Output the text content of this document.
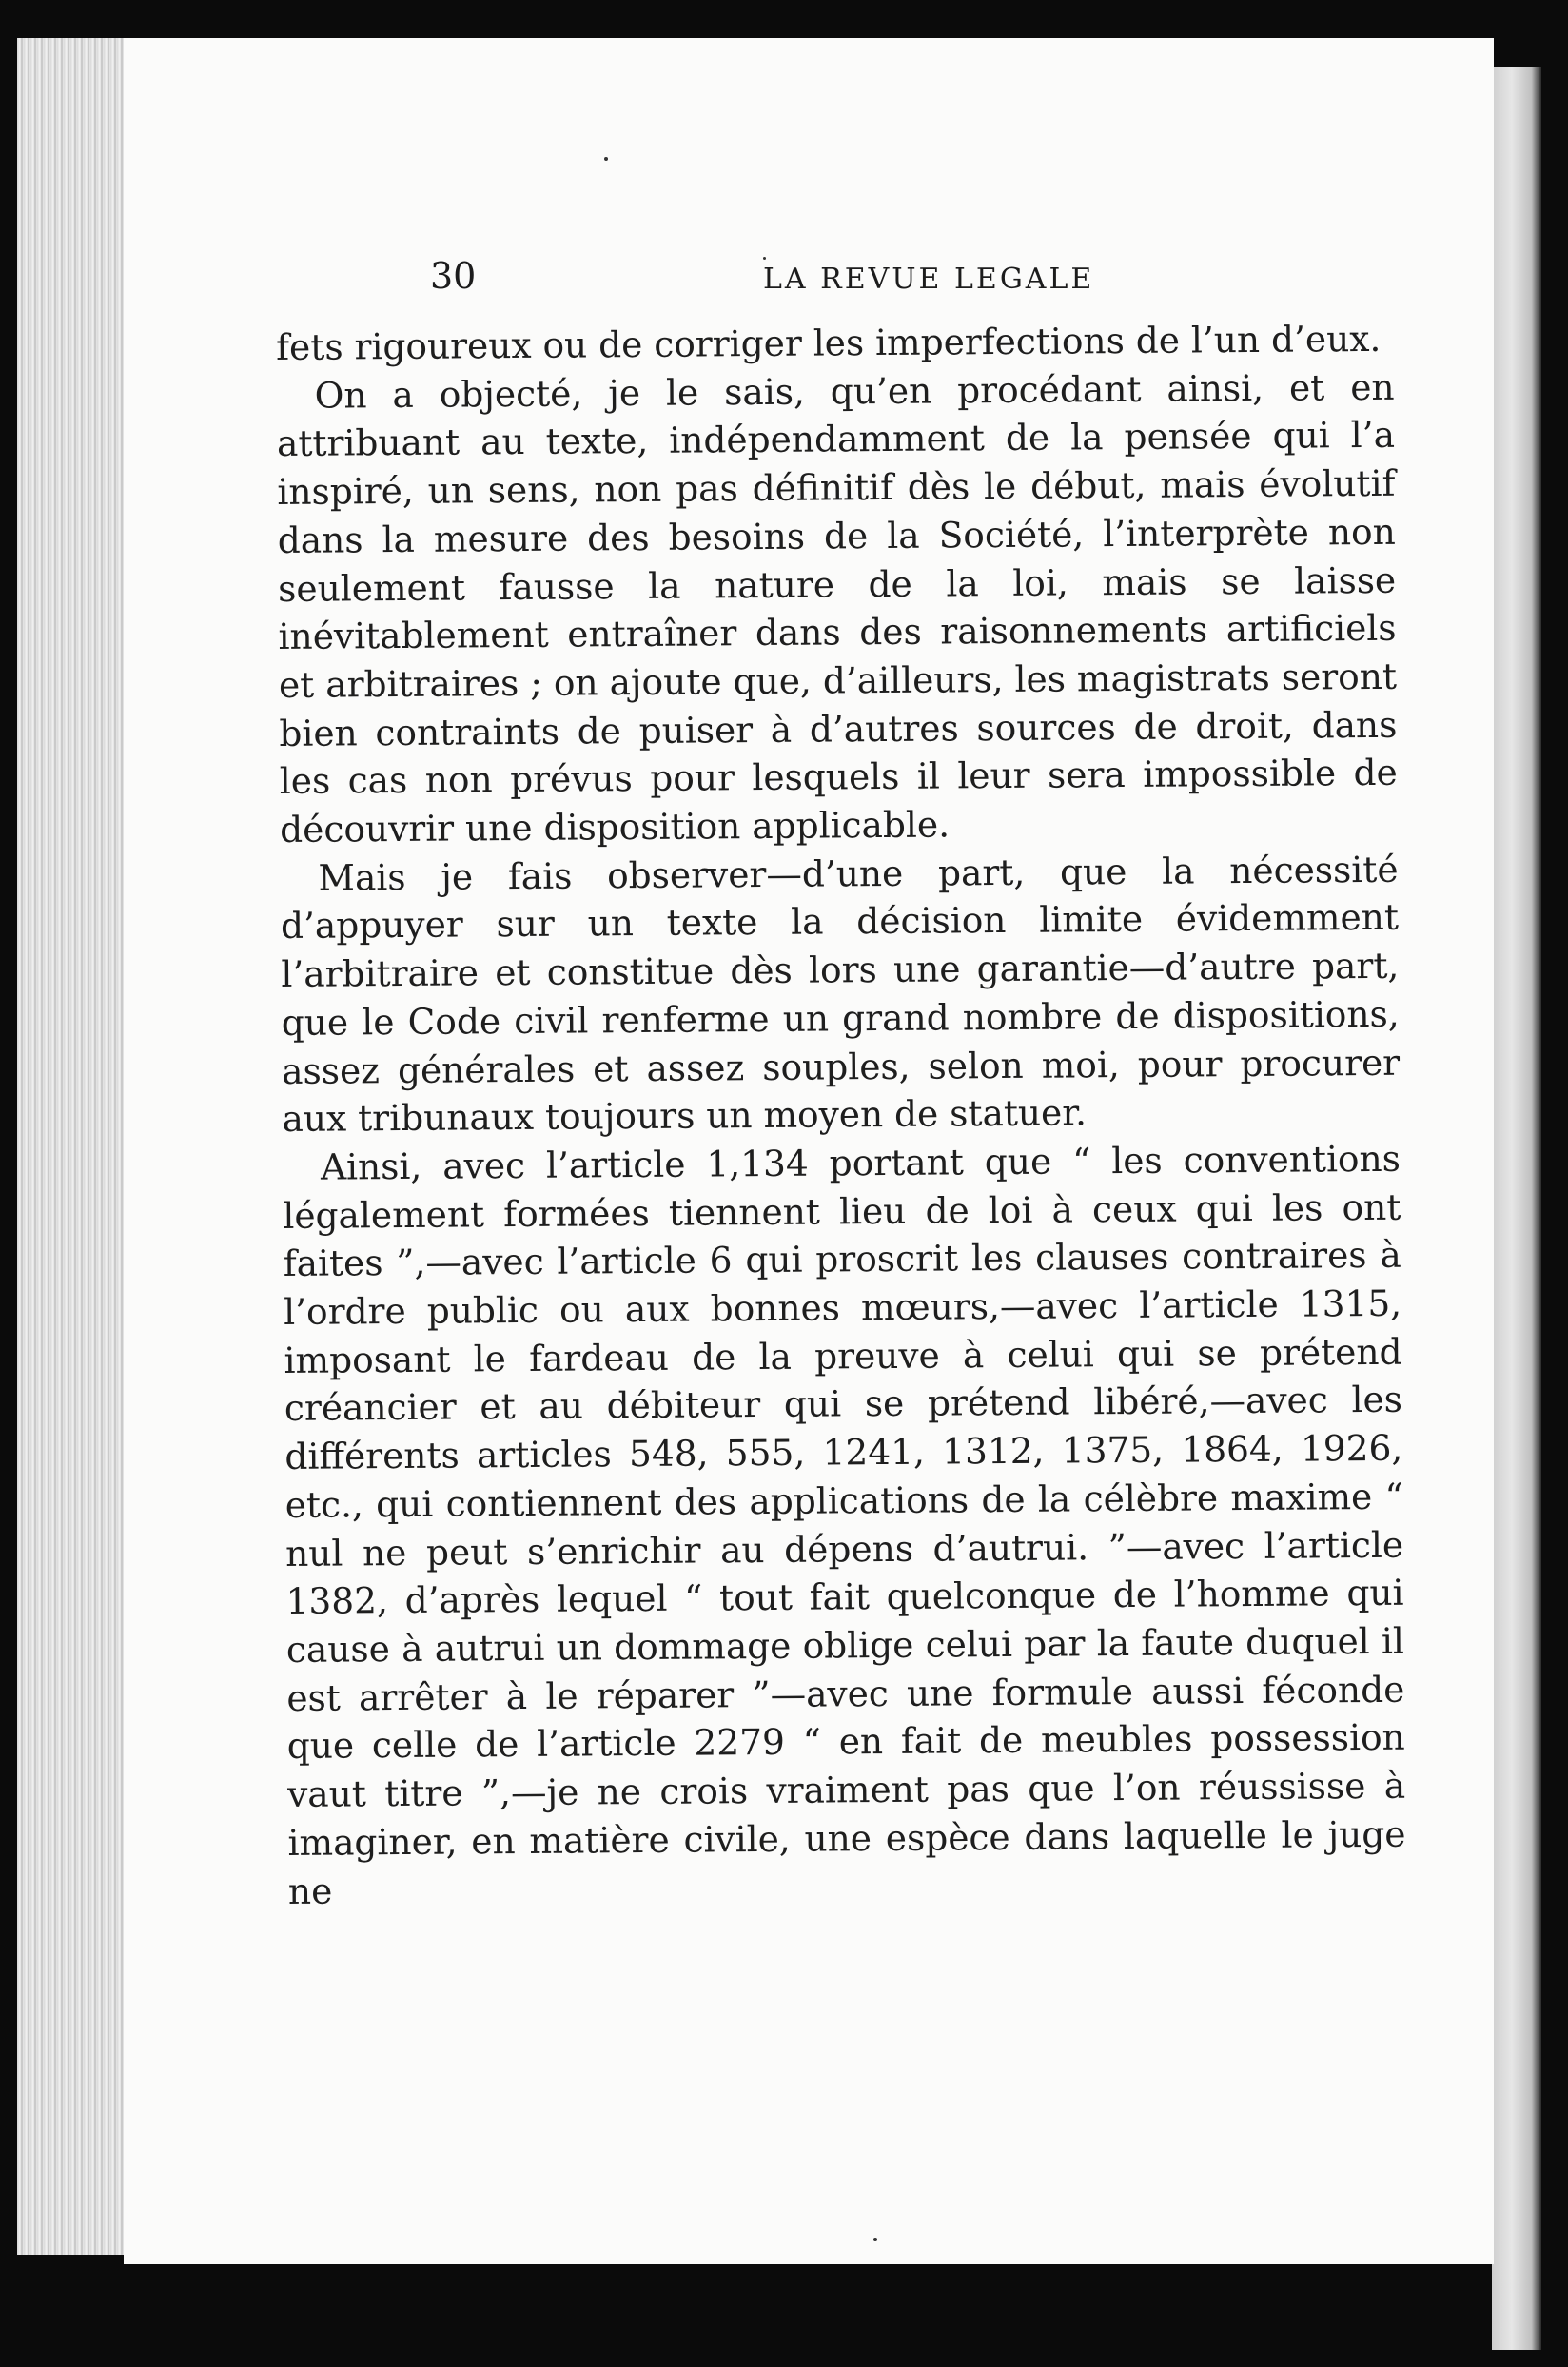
30	LA REVUE LEGALE

fets rigoureux ou de corriger les imperfections de l’un d’eux.

On a objecté, je le sais, qu’en procédant ainsi, et en attribuant au texte, indépendamment de la pensée qui l’a inspiré, un sens, non pas définitif dès le début, mais évolutif dans la mesure des besoins de la Société, l’interprète non seulement fausse la nature de la loi, mais se laisse inévitablement entraîner dans des raisonnements artificiels et arbitraires ; on ajoute que, d’ailleurs, les magistrats seront bien contraints de puiser à d’autres sources de droit, dans les cas non prévus pour lesquels il leur sera impossible de découvrir une disposition applicable.

Mais je fais observer—d’une part, que la nécessité d’appuyer sur un texte la décision limite évidemment l’arbitraire et constitue dès lors une garantie—d’autre part, que le Code civil renferme un grand nombre de dispositions, assez générales et assez souples, selon moi, pour procurer aux tribunaux toujours un moyen de statuer.

Ainsi, avec l’article 1,134 portant que “ les conventions légalement formées tiennent lieu de loi à ceux qui les ont faites ”,—avec l’article 6 qui proscrit les clauses contraires à l’ordre public ou aux bonnes mœurs,—avec l’article 1315, imposant le fardeau de la preuve à celui qui se prétend créancier et au débiteur qui se prétend libéré,—avec les différents articles 548, 555, 1241, 1312, 1375, 1864, 1926, etc., qui contiennent des applications de la célèbre maxime “ nul ne peut s’enrichir au dépens d’autrui. ”—avec l’article 1382, d’après lequel “ tout fait quelconque de l’homme qui cause à autrui un dommage oblige celui par la faute duquel il est arrêter à le réparer ”—avec une formule aussi féconde que celle de l’article 2279 “ en fait de meubles possession vaut titre ”,—je ne crois vraiment pas que l’on réussisse à imaginer, en matière civile, une espèce dans laquelle le juge ne
